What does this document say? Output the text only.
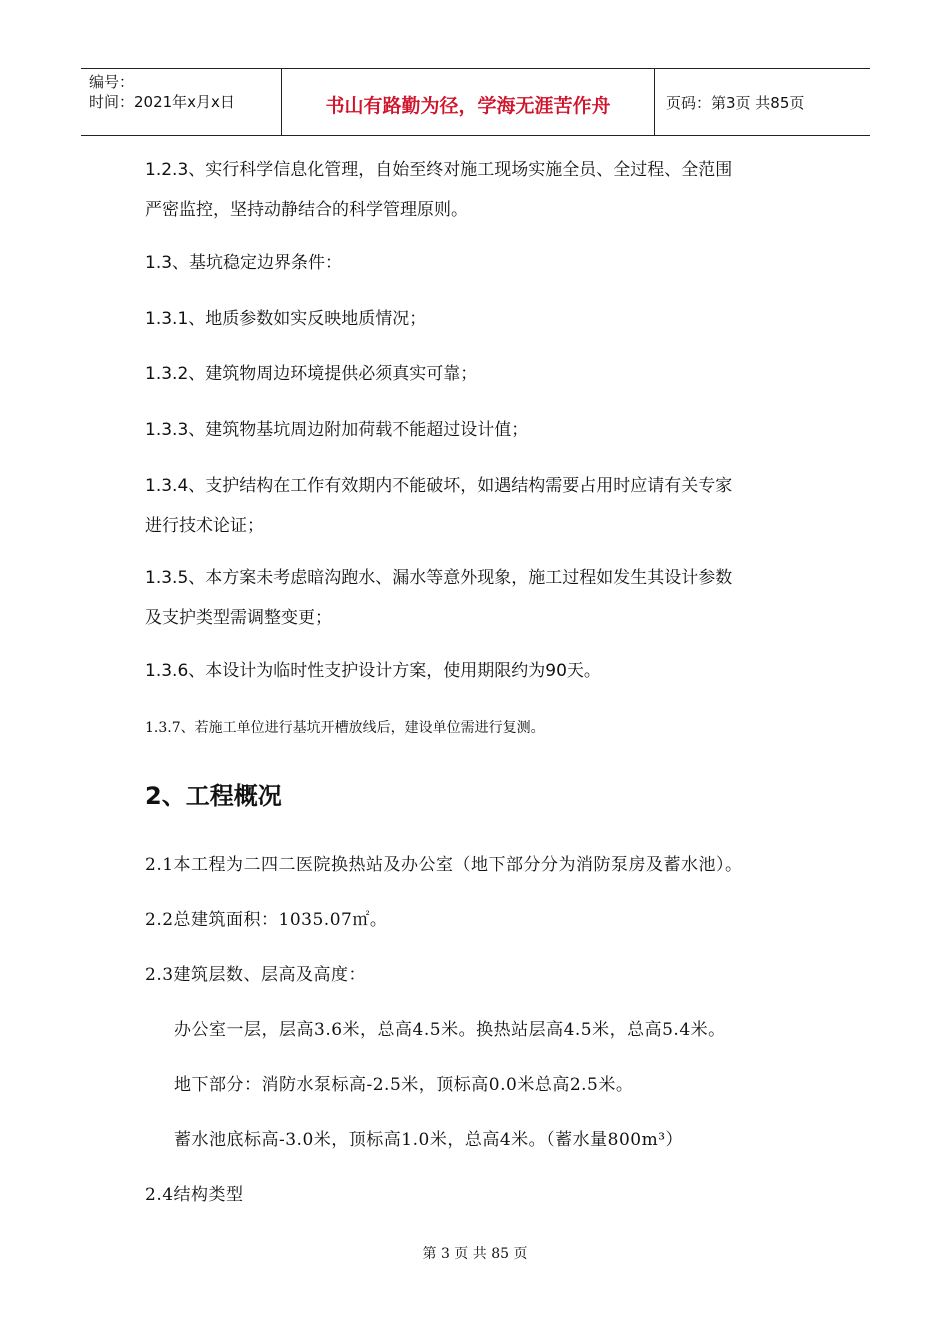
编号：
时间：2021年x月x日	书山有路勤为径，学海无涯苦作舟	页码：第3页 共85页

1.2.3、实行科学信息化管理，自始至终对施工现场实施全员、全过程、全范围
严密监控，坚持动静结合的科学管理原则。

1.3、基坑稳定边界条件：

1.3.1、地质参数如实反映地质情况；

1.3.2、建筑物周边环境提供必须真实可靠；

1.3.3、建筑物基坑周边附加荷载不能超过设计值；

1.3.4、支护结构在工作有效期内不能破坏，如遇结构需要占用时应请有关专家
进行技术论证；

1.3.5、本方案未考虑暗沟跑水、漏水等意外现象，施工过程如发生其设计参数
及支护类型需调整变更；

1.3.6、本设计为临时性支护设计方案，使用期限约为90天。

1.3.7、若施工单位进行基坑开槽放线后，建设单位需进行复测。

2、工程概况

2.1本工程为二四二医院换热站及办公室（地下部分分为消防泵房及蓄水池）。

2.2总建筑面积：1035.07㎡。

2.3建筑层数、层高及高度：

办公室一层，层高3.6米，总高4.5米。换热站层高4.5米，总高5.4米。

地下部分：消防水泵标高-2.5米，顶标高0.0米总高2.5米。

蓄水池底标高-3.0米，顶标高1.0米，总高4米。（蓄水量800m³）

2.4结构类型

第 3 页 共 85 页
